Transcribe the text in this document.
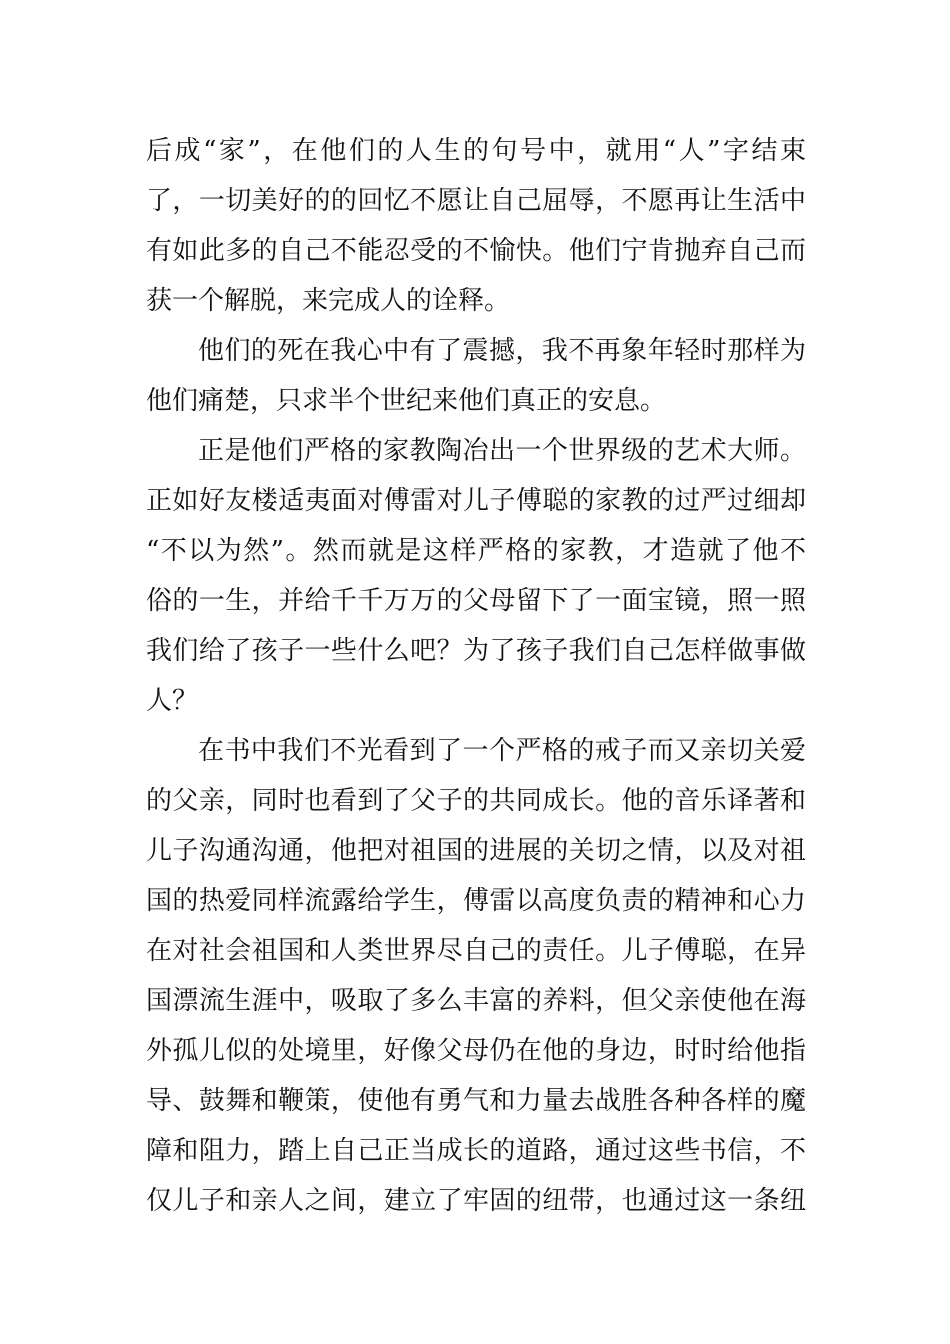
后成“家”，在他们的人生的句号中，就用“人”字结束
了，一切美好的的回忆不愿让自己屈辱，不愿再让生活中
有如此多的自己不能忍受的不愉快。他们宁肯抛弃自己而
获一个解脱，来完成人的诠释。
他们的死在我心中有了震撼，我不再象年轻时那样为
他们痛楚，只求半个世纪来他们真正的安息。
正是他们严格的家教陶冶出一个世界级的艺术大师。
正如好友楼适夷面对傅雷对儿子傅聪的家教的过严过细却
“不以为然”。然而就是这样严格的家教，才造就了他不
俗的一生，并给千千万万的父母留下了一面宝镜，照一照
我们给了孩子一些什么吧？为了孩子我们自己怎样做事做
人？
在书中我们不光看到了一个严格的戒子而又亲切关爱
的父亲，同时也看到了父子的共同成长。他的音乐译著和
儿子沟通沟通，他把对祖国的进展的关切之情，以及对祖
国的热爱同样流露给学生，傅雷以高度负责的精神和心力
在对社会祖国和人类世界尽自己的责任。儿子傅聪，在异
国漂流生涯中，吸取了多么丰富的养料，但父亲使他在海
外孤儿似的处境里，好像父母仍在他的身边，时时给他指
导、鼓舞和鞭策，使他有勇气和力量去战胜各种各样的魔
障和阻力，踏上自己正当成长的道路，通过这些书信，不
仅儿子和亲人之间，建立了牢固的纽带，也通过这一条纽
